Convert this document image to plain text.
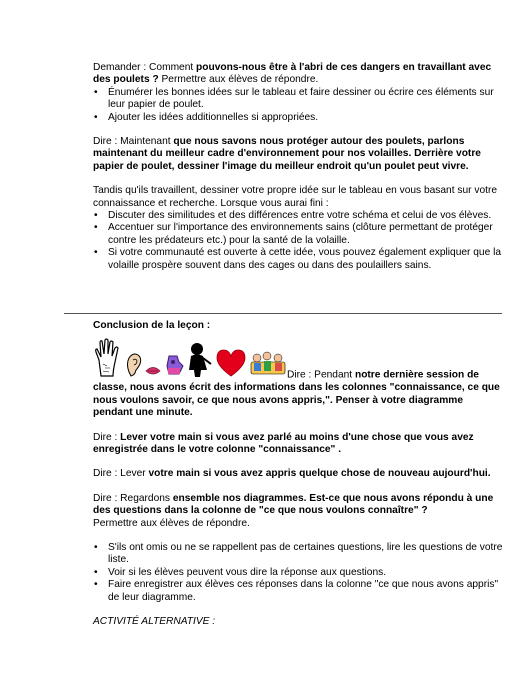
Demander : Comment pouvons-nous être à l'abri de ces dangers en travaillant avec des poulets ? Permettre aux élèves de répondre.

• Énumérer les bonnes idées sur le tableau et faire dessiner ou écrire ces éléments sur leur papier de poulet.
• Ajouter les idées additionnelles si appropriées.

Dire : Maintenant que nous savons nous protéger autour des poulets, parlons maintenant du meilleur cadre d'environnement pour nos volailles. Derrière votre papier de poulet, dessiner l'image du meilleur endroit qu'un poulet peut vivre.

Tandis qu'ils travaillent, dessiner votre propre idée sur le tableau en vous basant sur votre connaissance et recherche. Lorsque vous aurai fini :

• Discuter des similitudes et des différences entre votre schéma et celui de vos élèves.
• Accentuer sur l'importance des environnements sains (clôture permettant de protéger contre les prédateurs etc.) pour la santé de la volaille.
• Si votre communauté est ouverte à cette idée, vous pouvez également expliquer que la volaille prospère souvent dans des cages ou dans des poulaillers sains.

Conclusion de la leçon :

Dire : Pendant notre dernière session de classe, nous avons écrit des informations dans les colonnes "connaissance, ce que nous voulons savoir, ce que nous avons appris,". Penser à votre diagramme pendant une minute.

Dire : Lever votre main si vous avez parlé au moins d'une chose que vous avez enregistrée dans le votre colonne "connaissance" .

Dire : Lever votre main si vous avez appris quelque chose de nouveau aujourd'hui.

Dire : Regardons ensemble nos diagrammes. Est-ce que nous avons répondu à une des questions dans la colonne de "ce que nous voulons connaître" ?
Permettre aux élèves de répondre.

• S'ils ont omis ou ne se rappellent pas de certaines questions, lire les questions de votre liste.
• Voir si les élèves peuvent vous dire la réponse aux questions.
• Faire enregistrer aux élèves ces réponses dans la colonne "ce que nous avons appris" de leur diagramme.

ACTIVITÉ ALTERNATIVE :
